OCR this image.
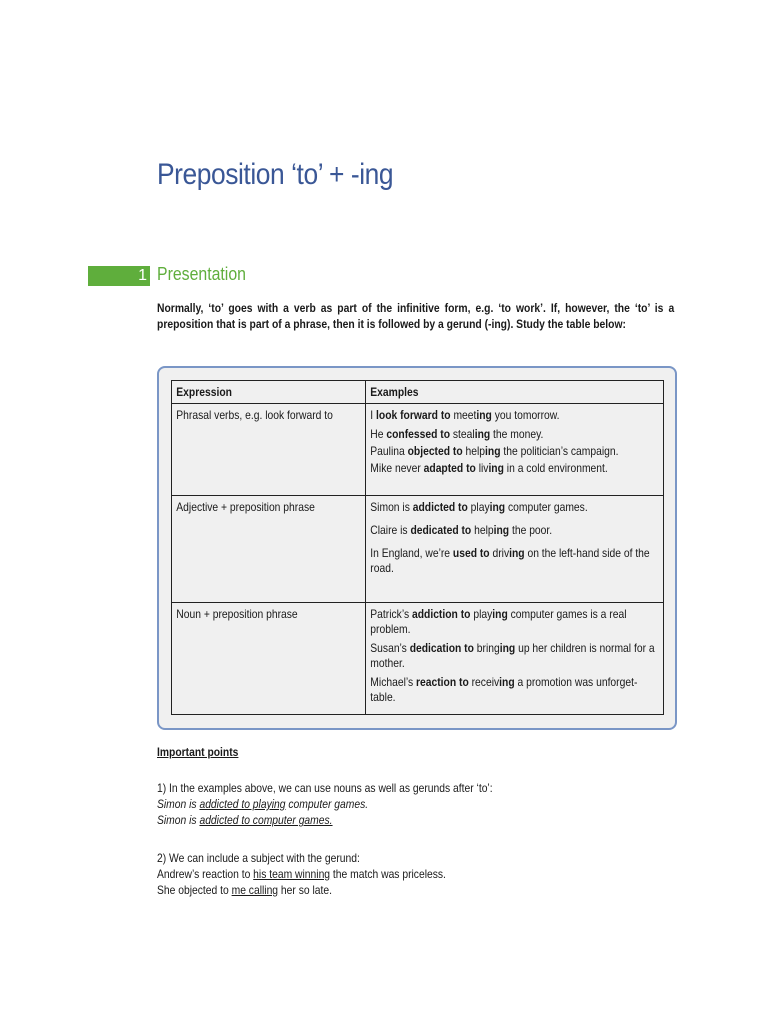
Preposition ‘to’ + -ing
1 Presentation
Normally, ‘to’ goes with a verb as part of the infinitive form, e.g. ‘to work’. If, however, the ‘to’ is a preposition that is part of a phrase, then it is followed by a gerund (-ing). Study the table below:
Expression	Examples

Phrasal verbs, e.g. look forward to	I look forward to meeting you tomorrow.

He confessed to stealing the money.

Paulina objected to helping the politician’s campaign.

Mike never adapted to living in a cold environment.

Adjective + preposition phrase	Simon is addicted to playing computer games.

Claire is dedicated to helping the poor.

In England, we’re used to driving on the left-hand side of the road.

Noun + preposition phrase	Patrick’s addiction to playing computer games is a real problem.

Susan’s dedication to bringing up her children is normal for a mother.

Michael’s reaction to receiving a promotion was unforget-table.

Important points

1) In the examples above, we can use nouns as well as gerunds after ‘to’:

Simon is addicted to playing computer games.

Simon is addicted to computer games.

2) We can include a subject with the gerund:

Andrew’s reaction to his team winning the match was priceless.

She objected to me calling her so late.
